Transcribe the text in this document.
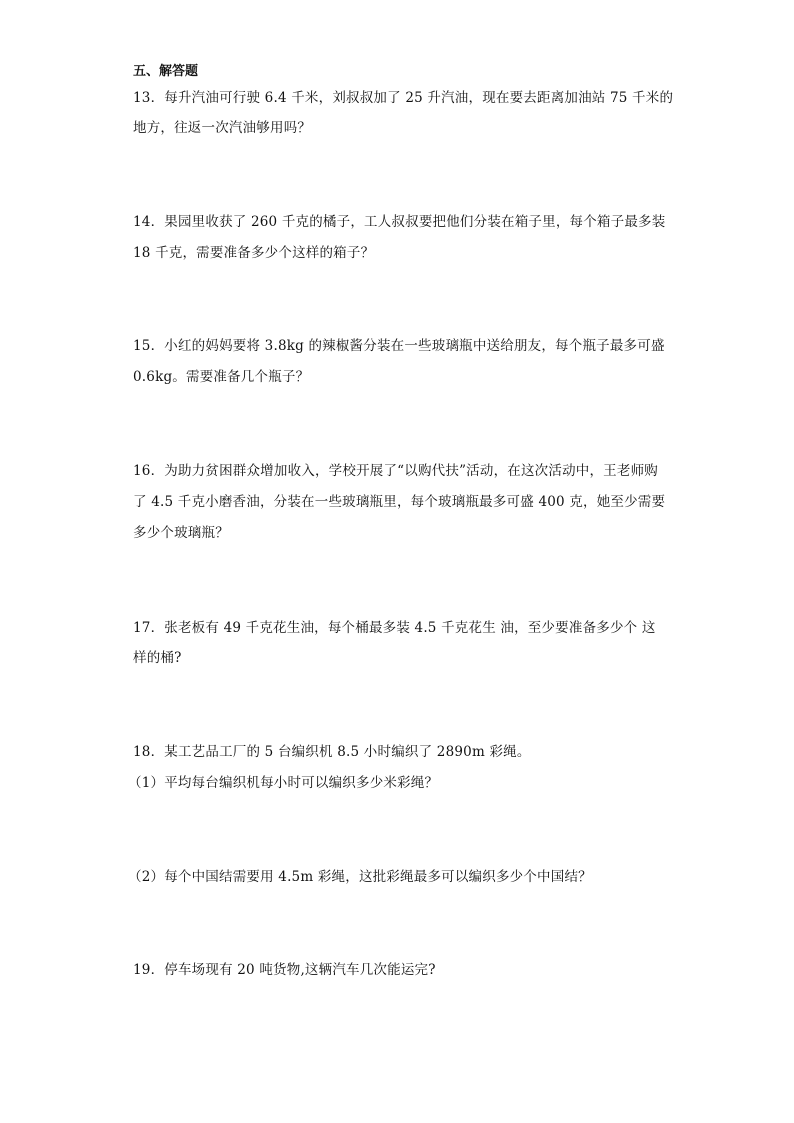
五、解答题
13．每升汽油可行驶 6.4 千米，刘叔叔加了 25 升汽油，现在要去距离加油站 75 千米的
地方，往返一次汽油够用吗？
14．果园里收获了 260 千克的橘子，工人叔叔要把他们分装在箱子里，每个箱子最多装
18 千克，需要准备多少个这样的箱子？
15．小红的妈妈要将 3.8kg 的辣椒酱分装在一些玻璃瓶中送给朋友，每个瓶子最多可盛
0.6kg。需要准备几个瓶子？
16．为助力贫困群众增加收入，学校开展了“以购代扶”活动，在这次活动中，王老师购
了 4.5 千克小磨香油，分装在一些玻璃瓶里，每个玻璃瓶最多可盛 400 克，她至少需要
多少个玻璃瓶？
17．张老板有 49 千克花生油，每个桶最多装 4.5 千克花生 油，至少要准备多少个 这
样的桶?
18．某工艺品工厂的 5 台编织机 8.5 小时编织了 2890m 彩绳。
（1）平均每台编织机每小时可以编织多少米彩绳？
（2）每个中国结需要用 4.5m 彩绳，这批彩绳最多可以编织多少个中国结？
19．停车场现有 20 吨货物,这辆汽车几次能运完?
